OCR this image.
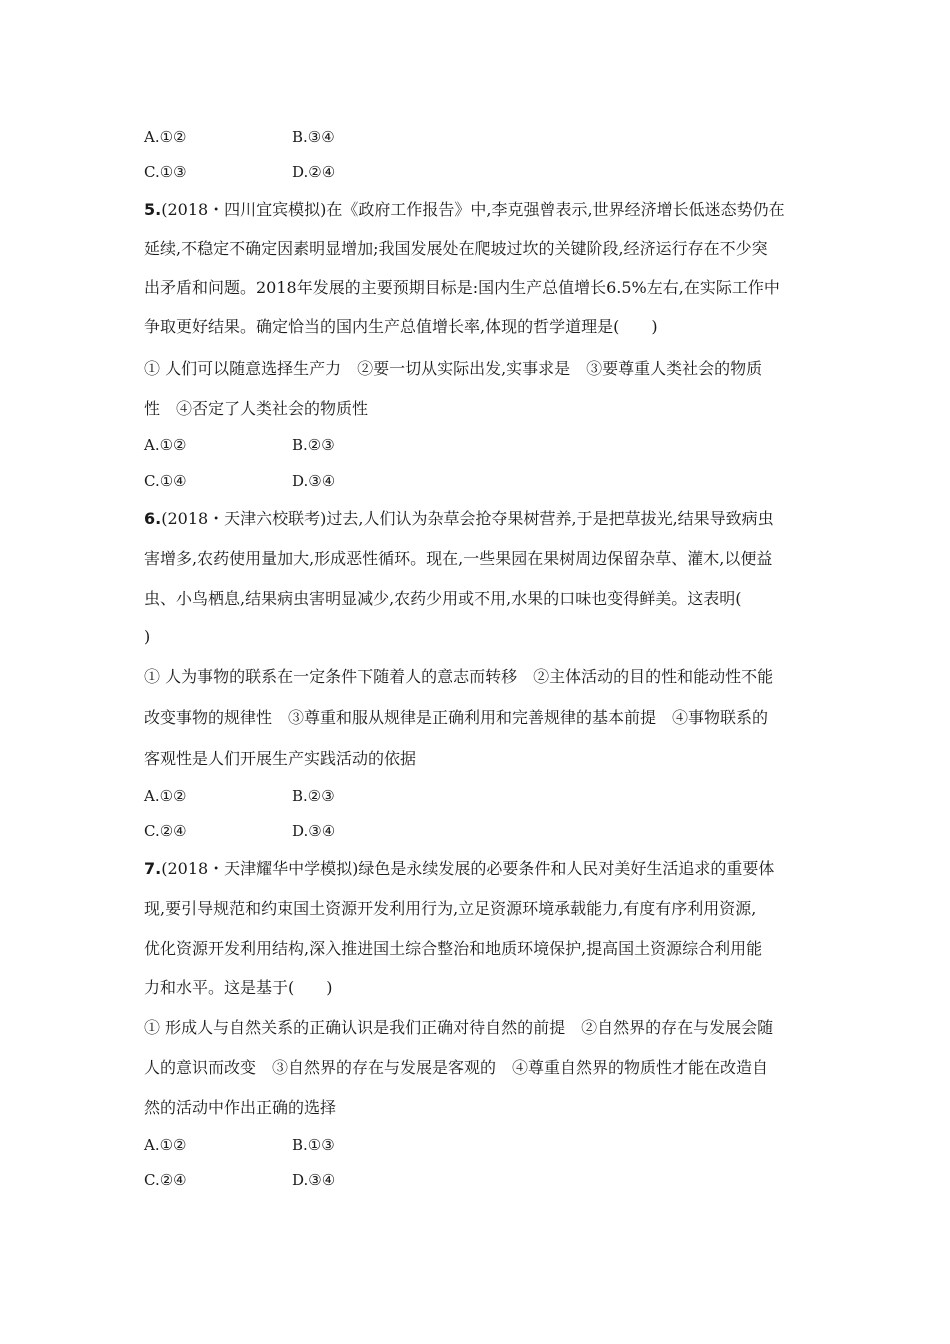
A.①②	B.③④
C.①③	D.②④
5.(2018・四川宜宾模拟)在《政府工作报告》中,李克强曾表示,世界经济增长低迷态势仍在
延续,不稳定不确定因素明显增加;我国发展处在爬坡过坎的关键阶段,经济运行存在不少突
出矛盾和问题。2018年发展的主要预期目标是:国内生产总值增长6.5%左右,在实际工作中
争取更好结果。确定恰当的国内生产总值增长率,体现的哲学道理是(　　)
① 人们可以随意选择生产力　②要一切从实际出发,实事求是　③要尊重人类社会的物质
性　④否定了人类社会的物质性
A.①②	B.②③
C.①④	D.③④
6.(2018・天津六校联考)过去,人们认为杂草会抢夺果树营养,于是把草拔光,结果导致病虫
害增多,农药使用量加大,形成恶性循环。现在,一些果园在果树周边保留杂草、灌木,以便益
虫、小鸟栖息,结果病虫害明显减少,农药少用或不用,水果的口味也变得鲜美。这表明(
)
① 人为事物的联系在一定条件下随着人的意志而转移　②主体活动的目的性和能动性不能
改变事物的规律性　③尊重和服从规律是正确利用和完善规律的基本前提　④事物联系的
客观性是人们开展生产实践活动的依据
A.①②	B.②③
C.②④	D.③④
7.(2018・天津耀华中学模拟)绿色是永续发展的必要条件和人民对美好生活追求的重要体
现,要引导规范和约束国土资源开发利用行为,立足资源环境承载能力,有度有序利用资源,
优化资源开发利用结构,深入推进国土综合整治和地质环境保护,提高国土资源综合利用能
力和水平。这是基于(　　)
① 形成人与自然关系的正确认识是我们正确对待自然的前提　②自然界的存在与发展会随
人的意识而改变　③自然界的存在与发展是客观的　④尊重自然界的物质性才能在改造自
然的活动中作出正确的选择
A.①②	B.①③
C.②④	D.③④
